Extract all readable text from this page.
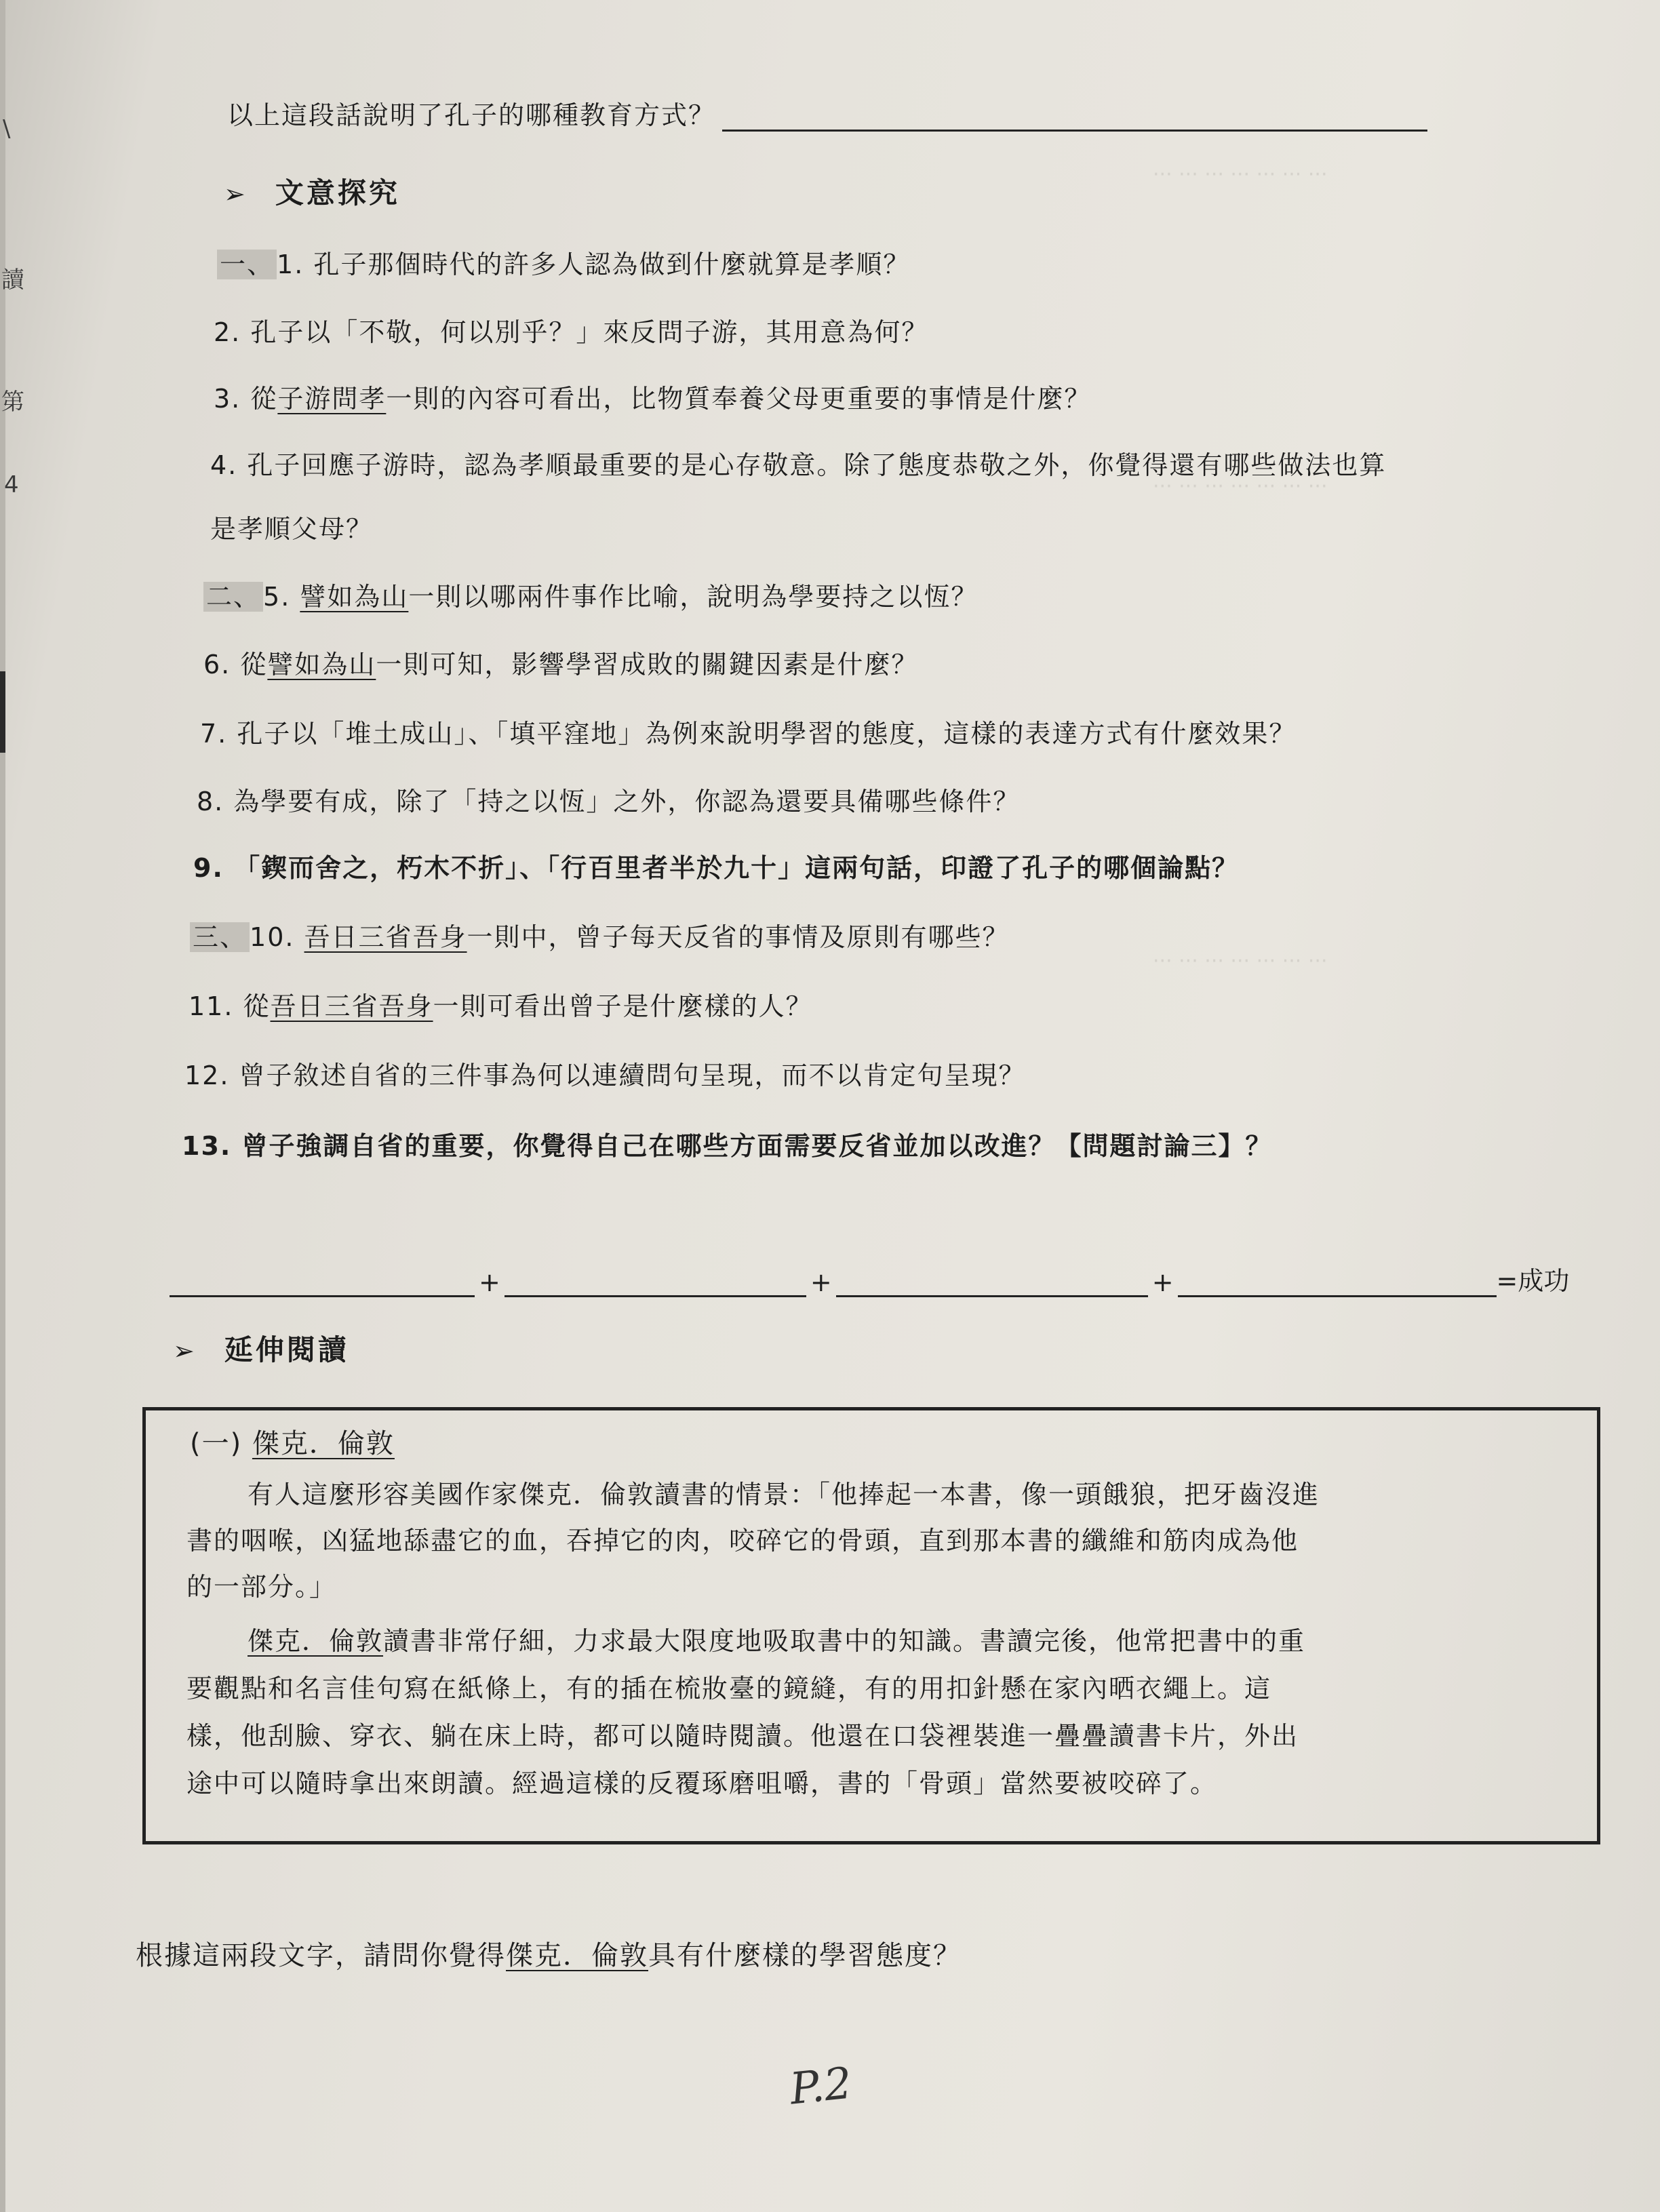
··· ··· ··· ··· ··· ··· ···
··· ··· ··· ··· ··· ··· ···
··· ··· ··· ··· ··· ··· ···
\
讀
第
4
以上這段話說明了孔子的哪種教育方式？
➢ 文意探究
一、 1. 孔子那個時代的許多人認為做到什麼就算是孝順？
2. 孔子以「不敬，何以別乎？」來反問子游，其用意為何？
3. 從子游問孝一則的內容可看出，比物質奉養父母更重要的事情是什麼？
4. 孔子回應子游時，認為孝順最重要的是心存敬意。除了態度恭敬之外，你覺得還有哪些做法也算
是孝順父母？
二、 5. 譬如為山一則以哪兩件事作比喻，說明為學要持之以恆？
6. 從譬如為山一則可知，影響學習成敗的關鍵因素是什麼？
7. 孔子以「堆土成山」、「填平窪地」為例來說明學習的態度，這樣的表達方式有什麼效果？
8. 為學要有成，除了「持之以恆」之外，你認為還要具備哪些條件？
9. 「鍥而舍之，朽木不折」、「行百里者半於九十」這兩句話，印證了孔子的哪個論點？
三、 10. 吾日三省吾身一則中，曾子每天反省的事情及原則有哪些？
11. 從吾日三省吾身一則可看出曾子是什麼樣的人？
12. 曾子敘述自省的三件事為何以連續問句呈現，而不以肯定句呈現？
13. 曾子強調自省的重要，你覺得自己在哪些方面需要反省並加以改進？【問題討論三】？
+	+	+	=成功
➢ 延伸閱讀
(一) 傑克．倫敦
有人這麼形容美國作家傑克．倫敦讀書的情景：「他捧起一本書，像一頭餓狼，把牙齒沒進
書的咽喉，凶猛地舔盡它的血，吞掉它的肉，咬碎它的骨頭，直到那本書的纖維和筋肉成為他
的一部分。」
傑克．倫敦讀書非常仔細，力求最大限度地吸取書中的知識。書讀完後，他常把書中的重
要觀點和名言佳句寫在紙條上，有的插在梳妝臺的鏡縫，有的用扣針懸在家內晒衣繩上。這
樣，他刮臉、穿衣、躺在床上時，都可以隨時閱讀。他還在口袋裡裝進一疊疊讀書卡片，外出
途中可以隨時拿出來朗讀。經過這樣的反覆琢磨咀嚼，書的「骨頭」當然要被咬碎了。
根據這兩段文字，請問你覺得傑克．倫敦具有什麼樣的學習態度？
P.2
